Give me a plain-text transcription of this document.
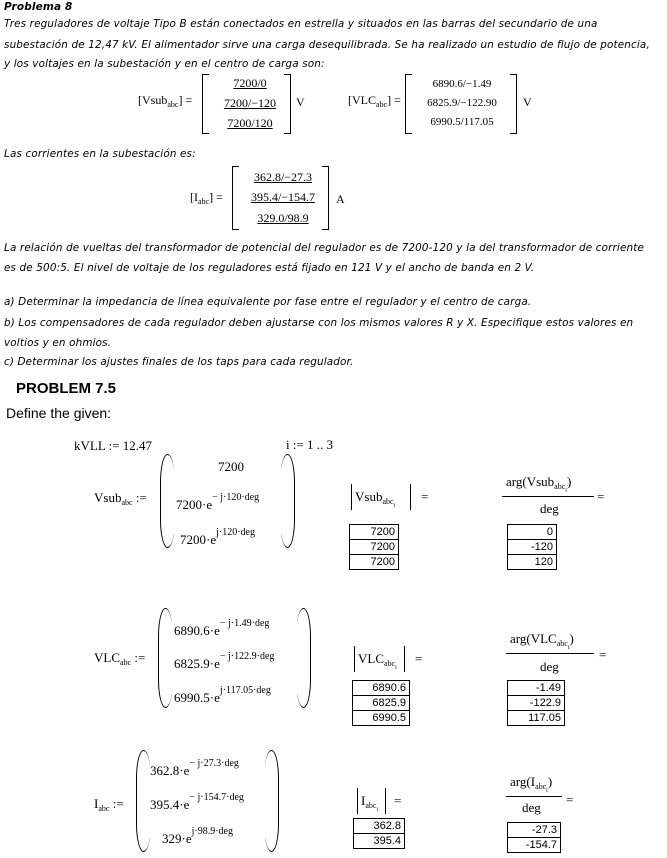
Problema 8
Tres reguladores de voltaje Tipo B están conectados en estrella y situados en las barras del secundario de una
subestación de 12,47 kV. El alimentador sirve una carga desequilibrada. Se ha realizado un estudio de flujo de potencia,
y los voltajes en la subestación y en el centro de carga son:
[Vsub$_{abc}$] =
7200/0
7200/−120
7200/120
V	$[VLC_{abc}]$ =
6890.6/−1.49
6825.9/−122.90
6990.5/117.05
V
Las corrientes en la subestación es:
$[I_{abc}]$ =
362.8/−27.3
395.4/−154.7
329.0/98.9
A
La relación de vueltas del transformador de potencial del regulador es de 7200-120 y la del transformador de corriente
es de 500:5. El nivel de voltaje de los reguladores está fijado en 121 V y el ancho de banda en 2 V.
a) Determinar la impedancia de línea equivalente por fase entre el regulador y el centro de carga.
b) Los compensadores de cada regulador deben ajustarse con los mismos valores R y X. Especifique estos valores en
voltios y en ohmios.
c) Determinar los ajustes finales de los taps para cada regulador.
PROBLEM 7.5
Define the given:
kVLL := 12.47	i := 1 .. 3
Vsub$_{abc}$ :=
7200
$7200\cdot e^{- j\cdot 120\cdot deg}$
$7200\cdot e^{j\cdot 120\cdot deg}$
Vsub$_{abc_i}$
=
7200
7200
7200
arg(Vsub$_{abc_i}$)
deg
=
0
-120
120
$VLC_{abc}$ :=
$6890.6\cdot e^{- j\cdot 1.49\cdot deg}$
$6825.9\cdot e^{- j\cdot 122.9\cdot deg}$
$6990.5\cdot e^{j\cdot 117.05\cdot deg}$
$VLC_{abc_i}$
=
6890.6
6825.9
6990.5
$arg(VLC_{abc_i})$
deg
=
-1.49
-122.9
117.05
$I_{abc}$ :=
$362.8\cdot e^{- j\cdot 27.3\cdot deg}$
$395.4\cdot e^{- j\cdot 154.7\cdot deg}$
$329\cdot e^{j\cdot 98.9\cdot deg}$
$I_{abc_i}$
=
362.8
395.4
$arg(I_{abc_i})$
deg
=
-27.3
-154.7
